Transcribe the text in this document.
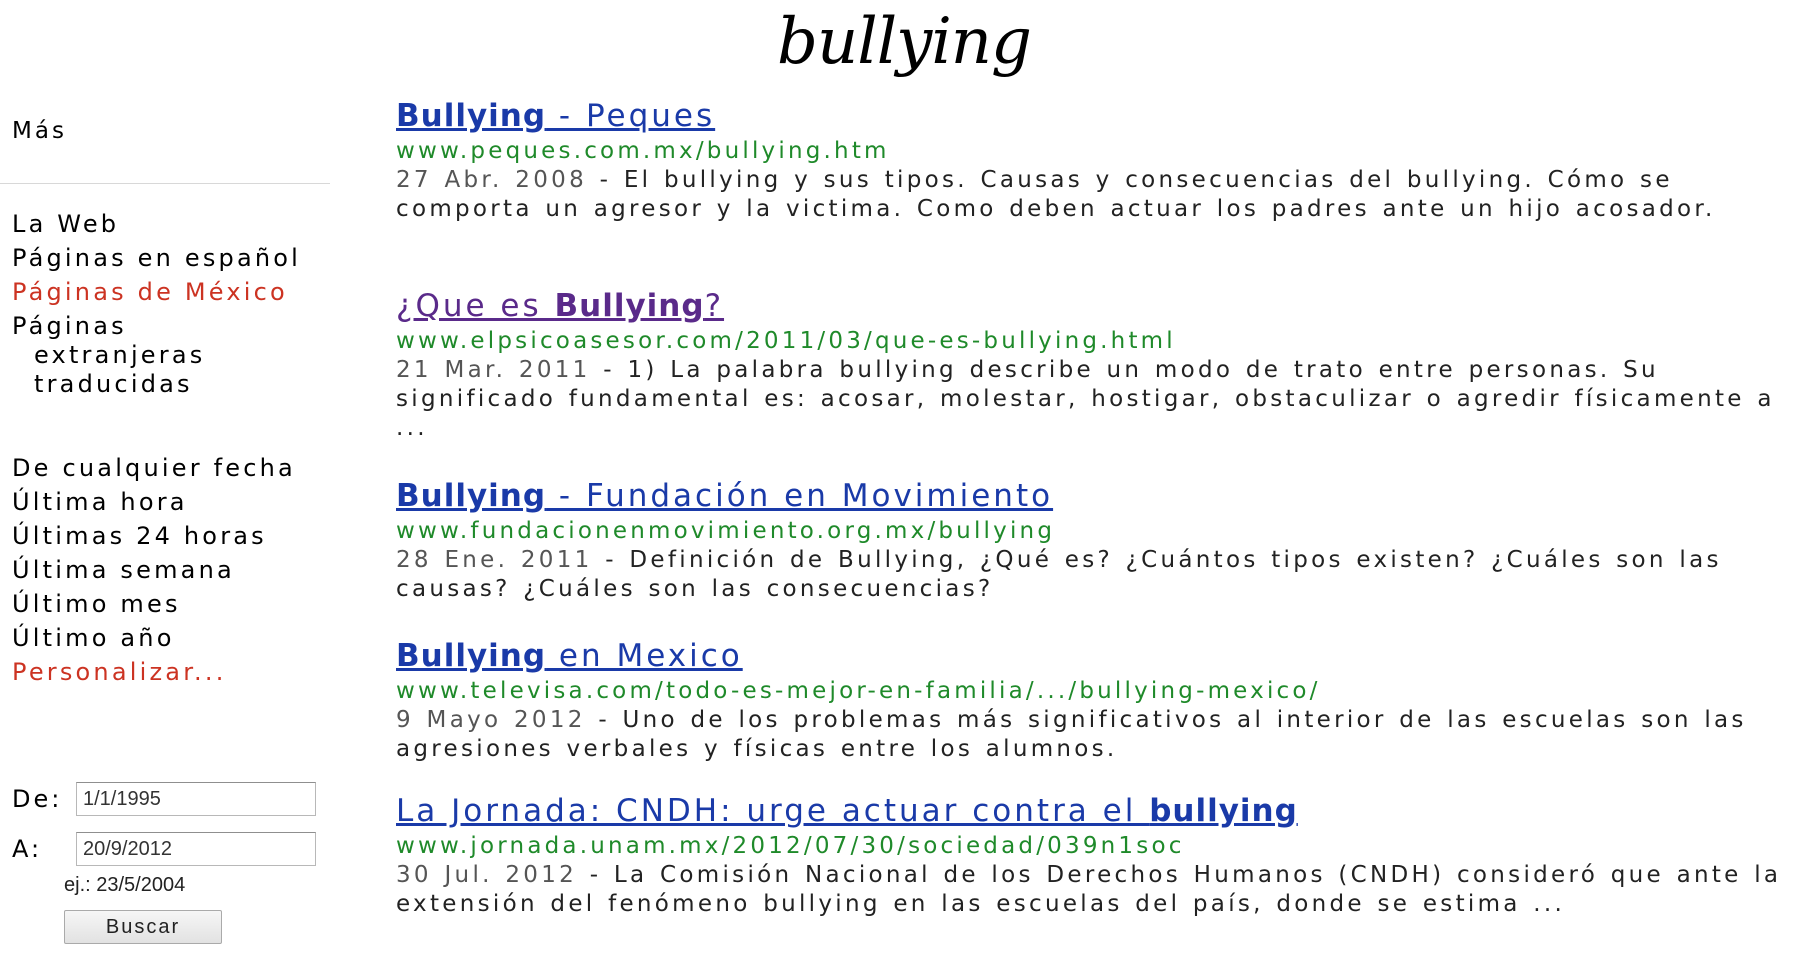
bullying
Más
La Web
Páginas en español
Páginas de México
Páginas extranjeras traducidas
De cualquier fecha
Última hora
Últimas 24 horas
Última semana
Último mes
Último año
Personalizar...
De:
1/1/1995
A:
20/9/2012

ej.: 23/5/2004

Buscar
Bullying - Peques
www.peques.com.mx/bullying.htm

27 Abr. 2008 - El bullying y sus tipos. Causas y consecuencias del bullying. Cómo se comporta un agresor y la victima. Como deben actuar los padres ante un hijo acosador.

¿Que es Bullying?
www.elpsicoasesor.com/2011/03/que-es-bullying.html

21 Mar. 2011 - 1) La palabra bullying describe un modo de trato entre personas. Su significado fundamental es: acosar, molestar, hostigar, obstaculizar o agredir físicamente a ...

Bullying - Fundación en Movimiento
www.fundacionenmovimiento.org.mx/bullying

28 Ene. 2011 - Definición de Bullying, ¿Qué es? ¿Cuántos tipos existen? ¿Cuáles son las causas? ¿Cuáles son las consecuencias?

Bullying en Mexico
www.televisa.com/todo-es-mejor-en-familia/.../bullying-mexico/

9 Mayo 2012 - Uno de los problemas más significativos al interior de las escuelas son las agresiones verbales y físicas entre los alumnos.

La Jornada: CNDH: urge actuar contra el bullying
www.jornada.unam.mx/2012/07/30/sociedad/039n1soc

30 Jul. 2012 - La Comisión Nacional de los Derechos Humanos (CNDH) consideró que ante la extensión del fenómeno bullying en las escuelas del país, donde se estima ...
